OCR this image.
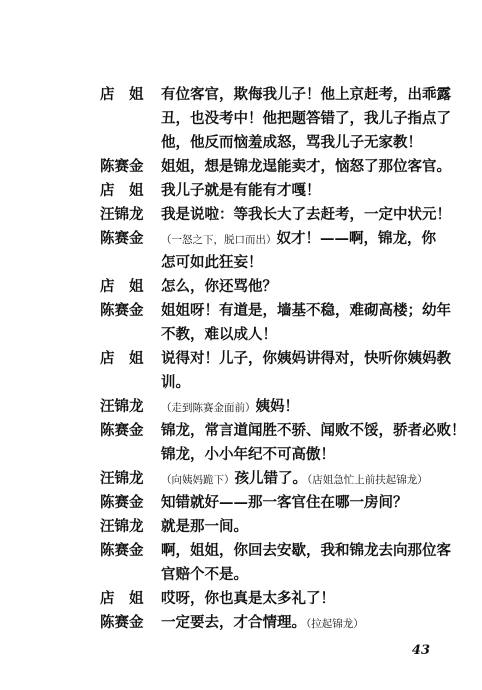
店　姐	有位客官，欺侮我儿子！他上京赶考，出乖露
丑，也没考中！他把题答错了，我儿子指点了
他，他反而恼羞成怒，骂我儿子无家教！
陈赛金	姐姐，想是锦龙逞能卖才，恼怒了那位客官。
店　姐	我儿子就是有能有才嘎！
汪锦龙	我是说啦：等我长大了去赶考，一定中状元！
陈赛金	（一怒之下，脱口而出）奴才！——啊，锦龙，你
怎可如此狂妄！
店　姐	怎么，你还骂他？
陈赛金	姐姐呀！有道是，墙基不稳，难砌高楼；幼年
不教，难以成人！
店　姐	说得对！儿子，你姨妈讲得对，快听你姨妈教
训。
汪锦龙	（走到陈赛金面前）姨妈！
陈赛金	锦龙，常言道闻胜不骄、闻败不馁，骄者必败！
锦龙，小小年纪不可高傲！
汪锦龙	（向姨妈跪下）孩儿错了。（店姐急忙上前扶起锦龙）
陈赛金	知错就好——那一客官住在哪一房间？
汪锦龙	就是那一间。
陈赛金	啊，姐姐，你回去安歇，我和锦龙去向那位客
官赔个不是。
店　姐	哎呀，你也真是太多礼了！
43
陈赛金	一定要去，才合情理。（拉起锦龙）
